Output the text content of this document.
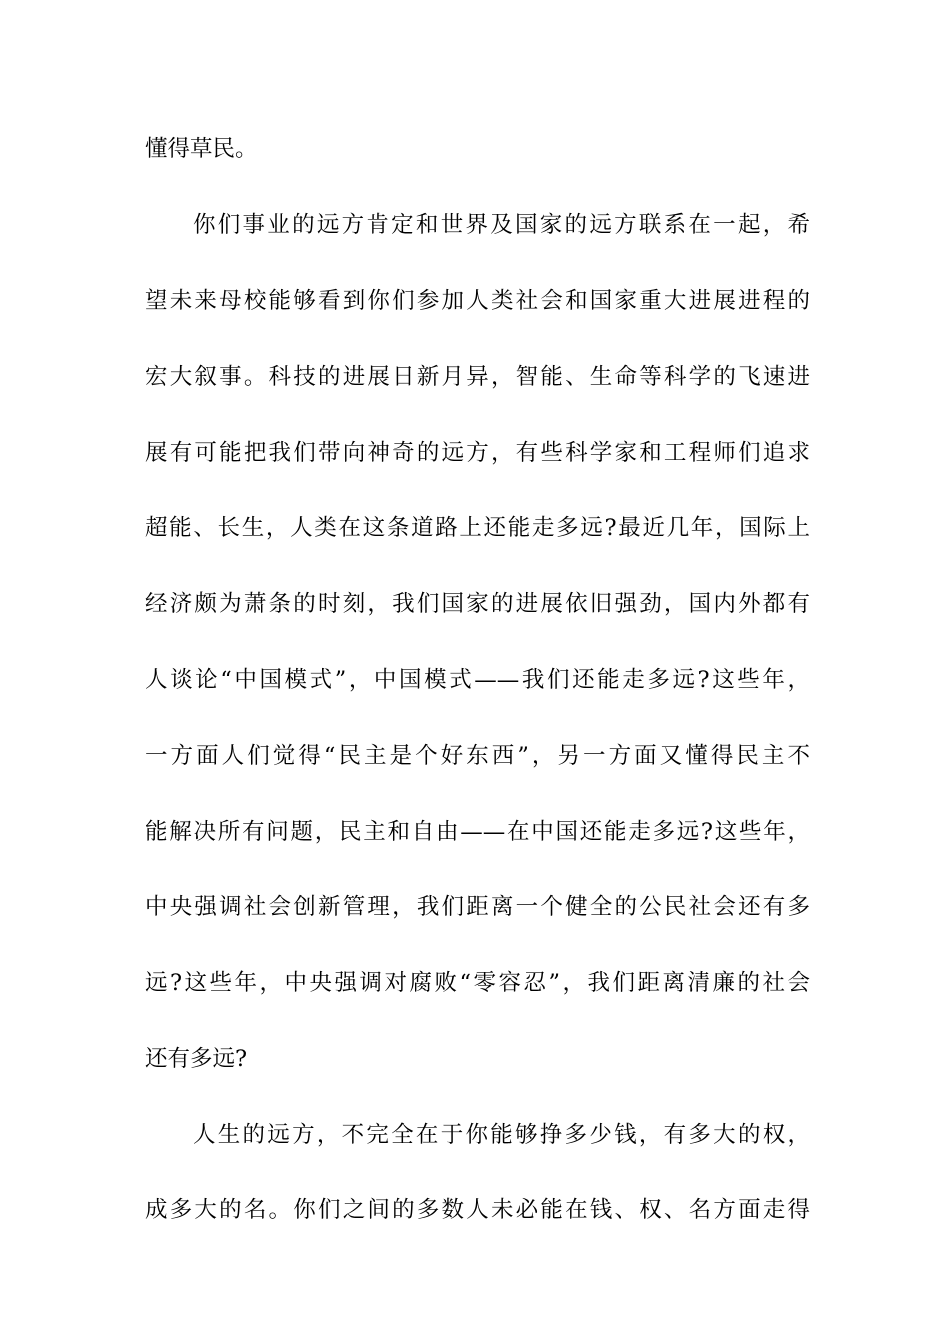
懂得草民。
你们事业的远方肯定和世界及国家的远方联系在一起，希
望未来母校能够看到你们参加人类社会和国家重大进展进程的
宏大叙事。科技的进展日新月异，智能、生命等科学的飞速进
展有可能把我们带向神奇的远方，有些科学家和工程师们追求
超能、长生，人类在这条道路上还能走多远?最近几年，国际上
经济颇为萧条的时刻，我们国家的进展依旧强劲，国内外都有
人谈论“中国模式”，中国模式——我们还能走多远?这些年，
一方面人们觉得“民主是个好东西”，另一方面又懂得民主不
能解决所有问题，民主和自由——在中国还能走多远?这些年，
中央强调社会创新管理，我们距离一个健全的公民社会还有多
远?这些年，中央强调对腐败“零容忍”，我们距离清廉的社会
还有多远?
人生的远方，不完全在于你能够挣多少钱，有多大的权，
成多大的名。你们之间的多数人未必能在钱、权、名方面走得
